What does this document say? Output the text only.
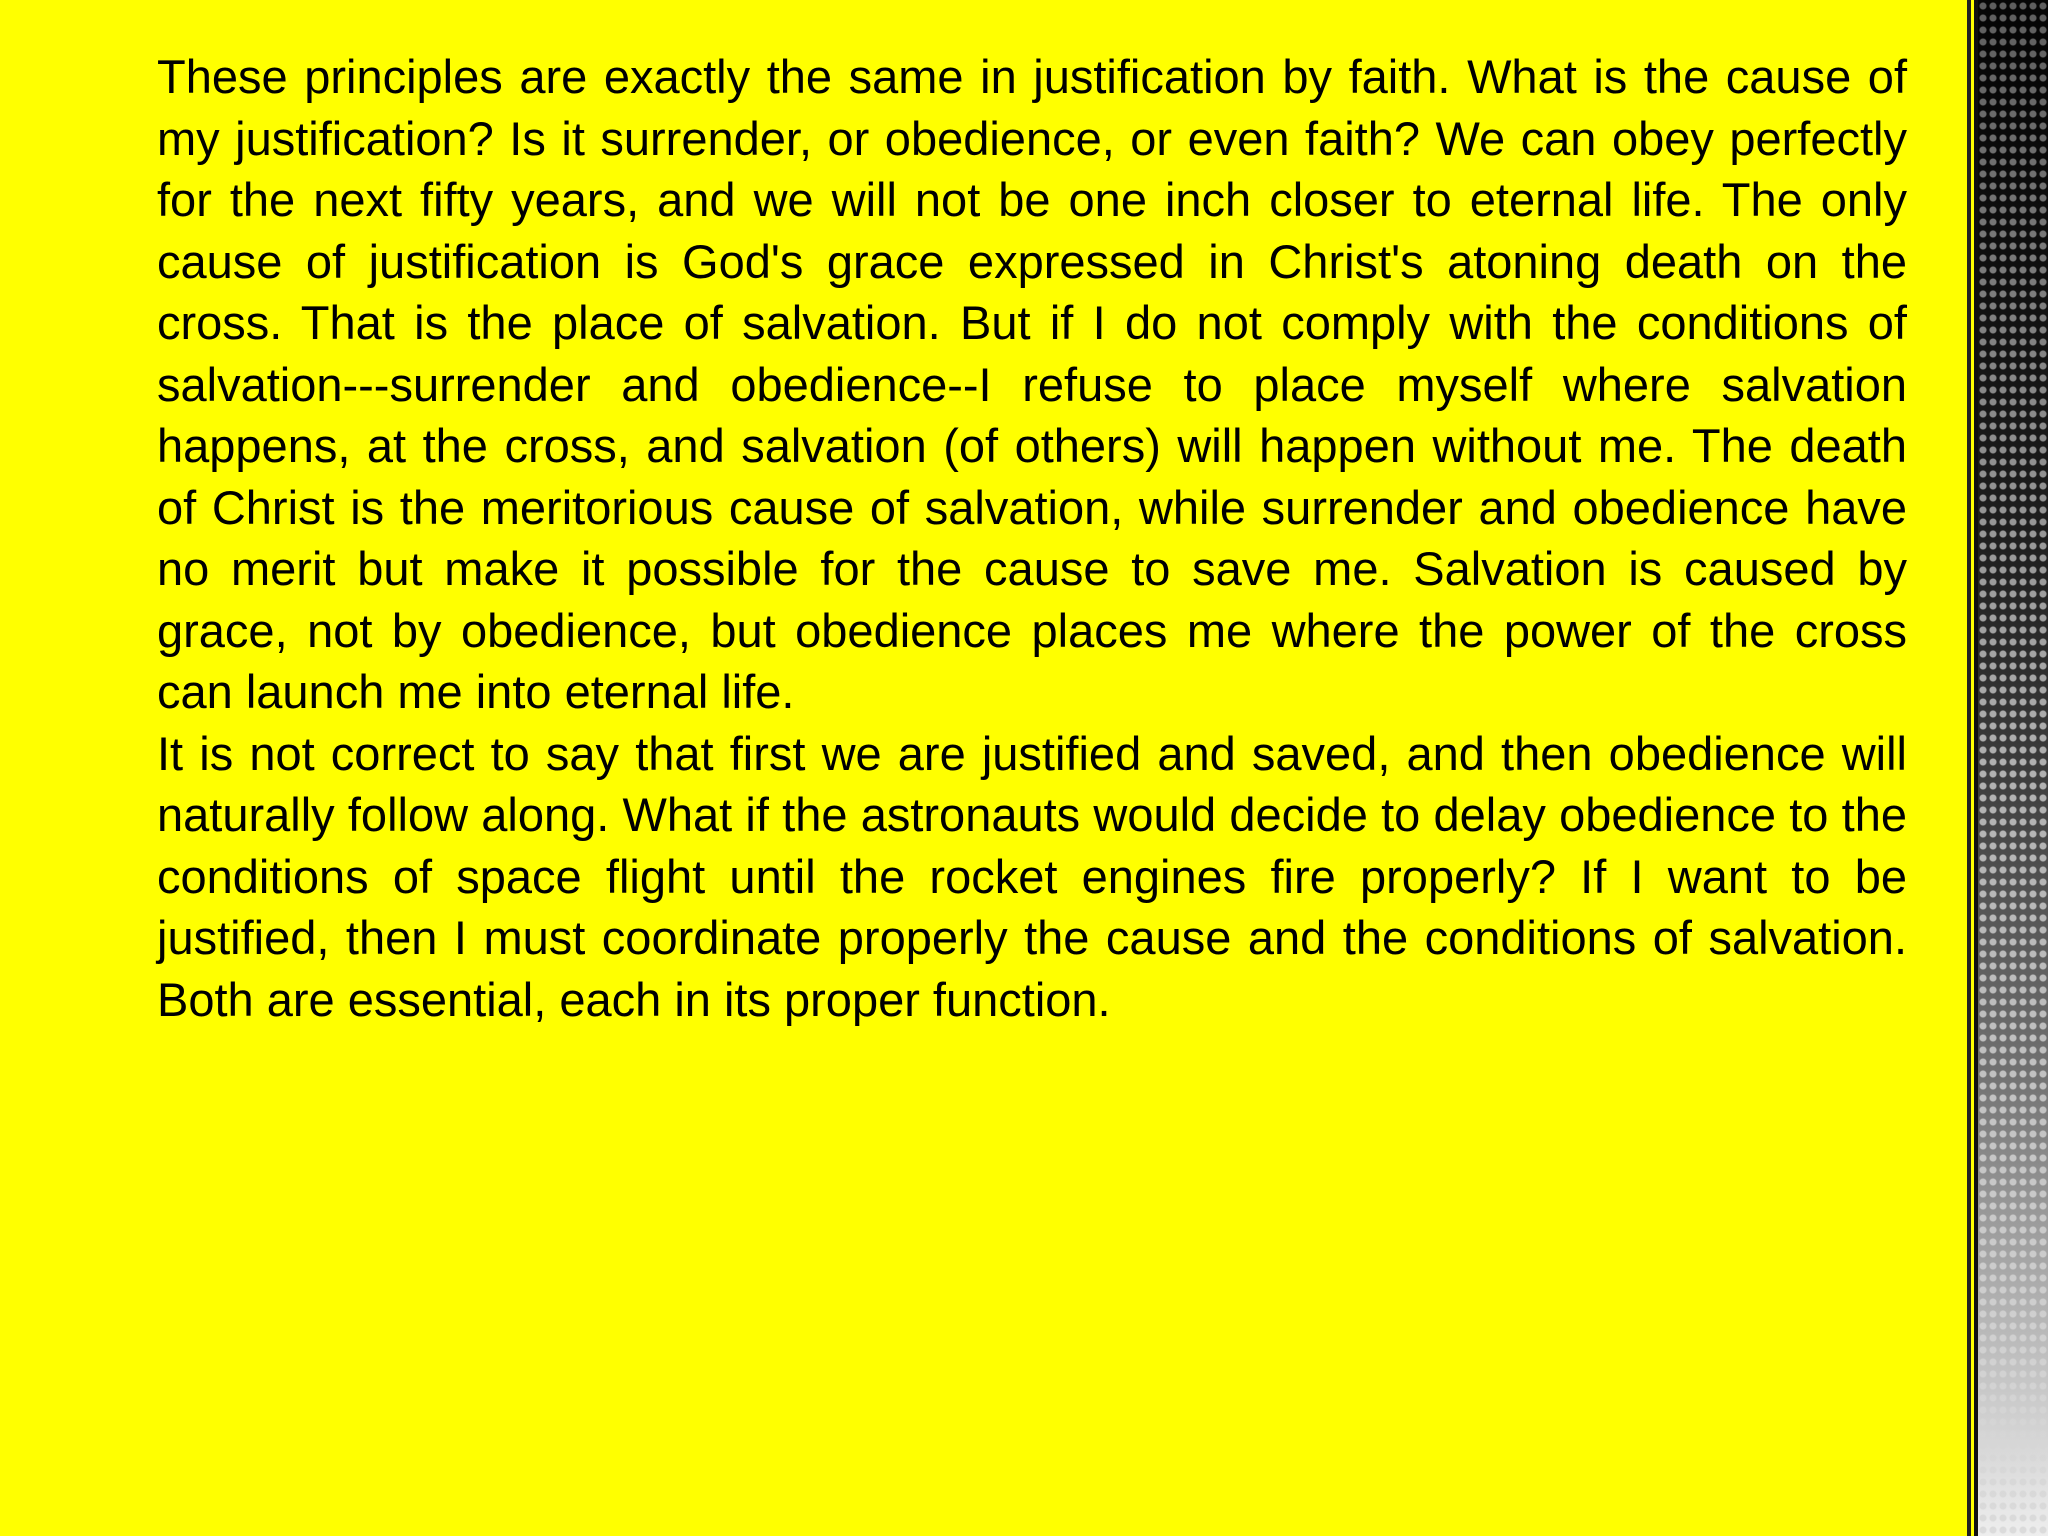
These principles are exactly the same in justification by faith. What is the cause of my justification? Is it surrender, or obedience, or even faith? We can obey perfectly for the next fifty years, and we will not be one inch closer to eternal life. The only cause of justification is God's grace expressed in Christ's atoning death on the cross. That is the place of salvation. But if I do not comply with the conditions of salvation---surrender and obedience--I refuse to place myself where salvation happens, at the cross, and salvation (of others) will happen without me. The death of Christ is the meritorious cause of salvation, while surrender and obedience have no merit but make it possible for the cause to save me. Salvation is caused by grace, not by obedience, but obedience places me where the power of the cross can launch me into eternal life.

It is not correct to say that first we are justified and saved, and then obedience will naturally follow along. What if the astronauts would decide to delay obedience to the conditions of space flight until the rocket engines fire properly? If I want to be justified, then I must coordinate properly the cause and the conditions of salvation. Both are essential, each in its proper function.
